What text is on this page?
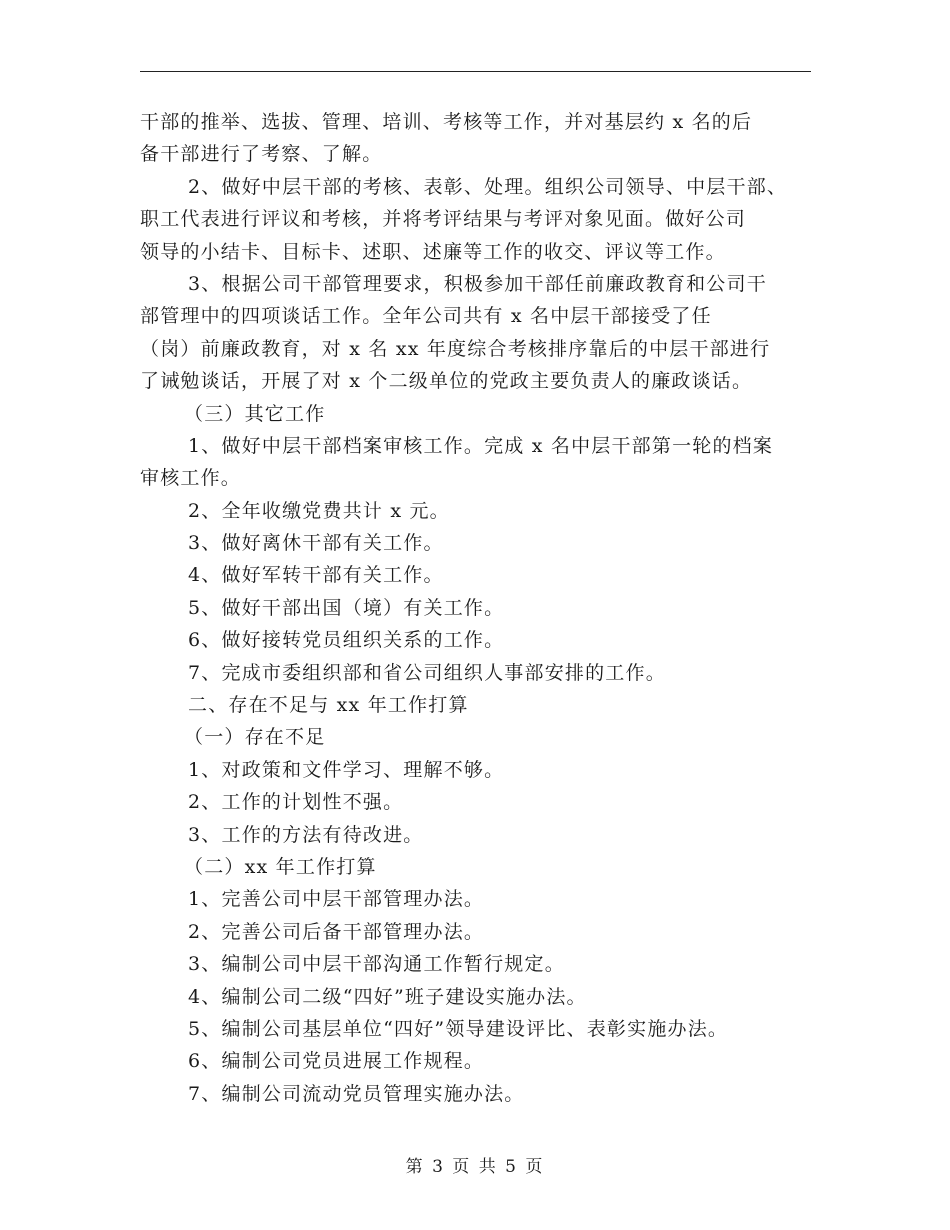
干部的推举、选拔、管理、培训、考核等工作，并对基层约 x 名的后
备干部进行了考察、了解。
2、做好中层干部的考核、表彰、处理。组织公司领导、中层干部、
职工代表进行评议和考核，并将考评结果与考评对象见面。做好公司
领导的小结卡、目标卡、述职、述廉等工作的收交、评议等工作。
3、根据公司干部管理要求，积极参加干部任前廉政教育和公司干
部管理中的四项谈话工作。全年公司共有 x 名中层干部接受了任
（岗）前廉政教育，对 x 名 xx 年度综合考核排序靠后的中层干部进行
了诫勉谈话，开展了对 x 个二级单位的党政主要负责人的廉政谈话。
（三）其它工作
1、做好中层干部档案审核工作。完成 x 名中层干部第一轮的档案
审核工作。
2、全年收缴党费共计 x 元。
3、做好离休干部有关工作。
4、做好军转干部有关工作。
5、做好干部出国（境）有关工作。
6、做好接转党员组织关系的工作。
7、完成市委组织部和省公司组织人事部安排的工作。
二、存在不足与 xx 年工作打算
（一）存在不足
1、对政策和文件学习、理解不够。
2、工作的计划性不强。
3、工作的方法有待改进。
（二）xx 年工作打算
1、完善公司中层干部管理办法。
2、完善公司后备干部管理办法。
3、编制公司中层干部沟通工作暂行规定。
4、编制公司二级“四好”班子建设实施办法。
5、编制公司基层单位“四好”领导建设评比、表彰实施办法。
6、编制公司党员进展工作规程。
7、编制公司流动党员管理实施办法。
第 3 页 共 5 页
